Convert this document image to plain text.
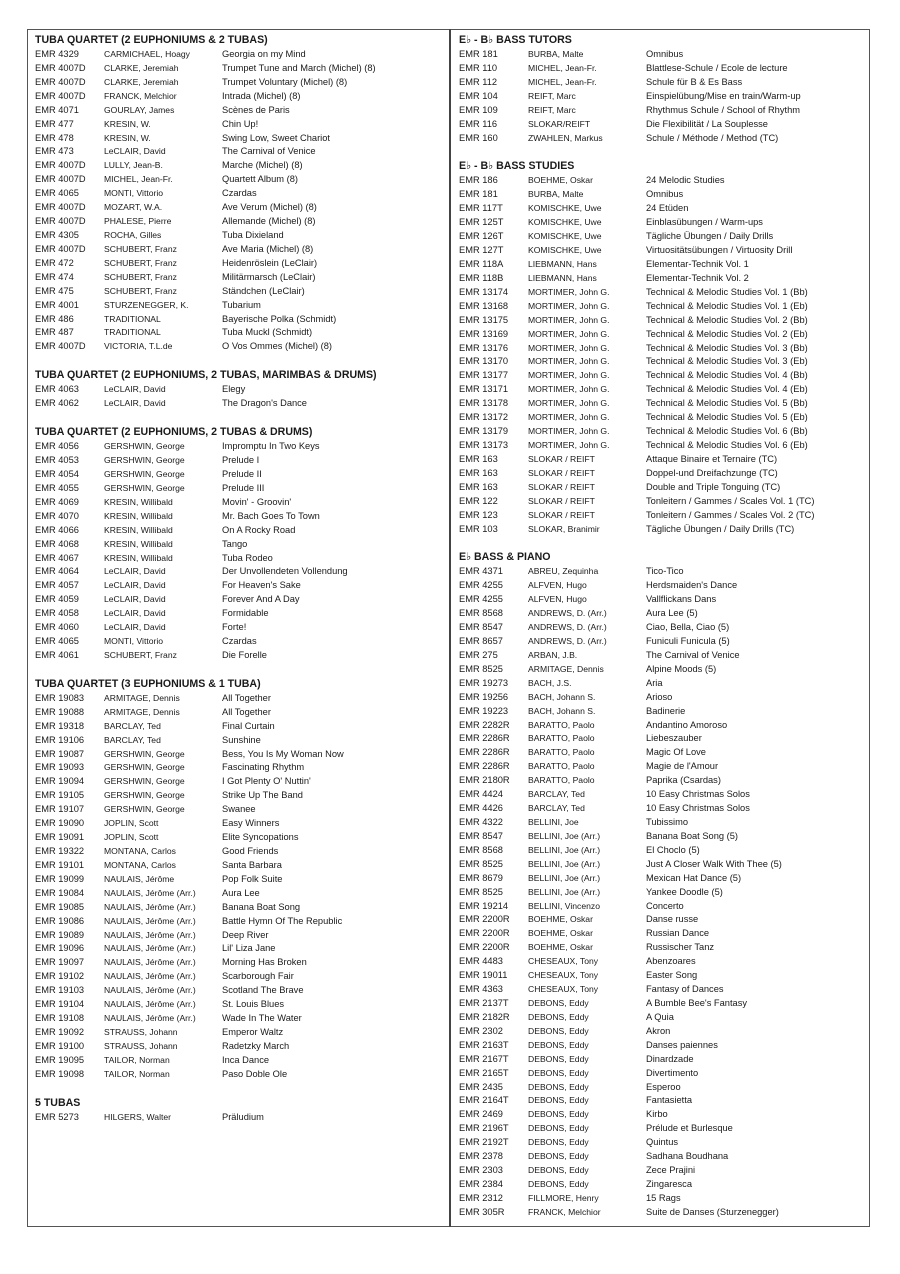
TUBA QUARTET (2 EUPHONIUMS & 2 TUBAS)
EMR 4329	CARMICHAEL, Hoagy	Georgia on my Mind
EMR 4007D CLARKE, Jeremiah	Trumpet Tune and March (Michel) (8)
EMR 4007D CLARKE, Jeremiah	Trumpet Voluntary (Michel) (8)
EMR 4007D FRANCK, Melchior	Intrada (Michel) (8)
EMR 4071	GOURLAY, James	Scènes de Paris
EMR 477	KRESIN, W.	Chin Up!
EMR 478	KRESIN, W.	Swing Low, Sweet Chariot
EMR 473	LeCLAIR, David	The Carnival of Venice
EMR 4007D LULLY, Jean-B.	Marche (Michel) (8)
EMR 4007D MICHEL, Jean-Fr.	Quartett Album (8)
EMR 4065	MONTI, Vittorio	Czardas
EMR 4007D MOZART, W.A.	Ave Verum (Michel) (8)
EMR 4007D PHALESE, Pierre	Allemande (Michel) (8)
EMR 4305	ROCHA, Gilles	Tuba Dixieland
EMR 4007D SCHUBERT, Franz	Ave Maria (Michel) (8)
EMR 472	SCHUBERT, Franz	Heidenröslein (LeClair)
EMR 474	SCHUBERT, Franz	Militärmarsch (LeClair)
EMR 475	SCHUBERT, Franz	Ständchen (LeClair)
EMR 4001	STURZENEGGER, K.	Tubarium
EMR 486	TRADITIONAL	Bayerische Polka (Schmidt)
EMR 487	TRADITIONAL	Tuba Muckl (Schmidt)
EMR 4007D VICTORIA, T.L.de	O Vos Ommes (Michel) (8)
TUBA QUARTET (2 EUPHONIUMS, 2 TUBAS, MARIMBAS & DRUMS)
EMR 4063	LeCLAIR, David	Elegy
EMR 4062	LeCLAIR, David	The Dragon's Dance
TUBA QUARTET (2 EUPHONIUMS, 2 TUBAS & DRUMS)
EMR 4056	GERSHWIN, George	Impromptu In Two Keys
EMR 4053	GERSHWIN, George	Prelude I
EMR 4054	GERSHWIN, George	Prelude II
EMR 4055	GERSHWIN, George	Prelude III
EMR 4069	KRESIN, Willibald	Movin' - Groovin'
EMR 4070	KRESIN, Willibald	Mr. Bach Goes To Town
EMR 4066	KRESIN, Willibald	On A Rocky Road
EMR 4068	KRESIN, Willibald	Tango
EMR 4067	KRESIN, Willibald	Tuba Rodeo
EMR 4064	LeCLAIR, David	Der Unvollendeten Vollendung
EMR 4057	LeCLAIR, David	For Heaven's Sake
EMR 4059	LeCLAIR, David	Forever And A Day
EMR 4058	LeCLAIR, David	Formidable
EMR 4060	LeCLAIR, David	Forte!
EMR 4065	MONTI, Vittorio	Czardas
EMR 4061	SCHUBERT, Franz	Die Forelle
TUBA QUARTET (3 EUPHONIUMS & 1 TUBA)
EMR 19083 ARMITAGE, Dennis	All Together
EMR 19088 ARMITAGE, Dennis	All Together
EMR 19318 BARCLAY, Ted	Final Curtain
EMR 19106 BARCLAY, Ted	Sunshine
EMR 19087 GERSHWIN, George	Bess, You Is My Woman Now
EMR 19093 GERSHWIN, George	Fascinating Rhythm
EMR 19094 GERSHWIN, George	I Got Plenty O' Nuttin'
EMR 19105 GERSHWIN, George	Strike Up The Band
EMR 19107 GERSHWIN, George	Swanee
EMR 19090 JOPLIN, Scott	Easy Winners
EMR 19091 JOPLIN, Scott	Elite Syncopations
EMR 19322 MONTANA, Carlos	Good Friends
EMR 19101 MONTANA, Carlos	Santa Barbara
EMR 19099 NAULAIS, Jérôme	Pop Folk Suite
EMR 19084 NAULAIS, Jérôme (Arr.)	Aura Lee
EMR 19085 NAULAIS, Jérôme (Arr.)	Banana Boat Song
EMR 19086 NAULAIS, Jérôme (Arr.)	Battle Hymn Of The Republic
EMR 19089 NAULAIS, Jérôme (Arr.)	Deep River
EMR 19096 NAULAIS, Jérôme (Arr.)	Lil' Liza Jane
EMR 19097 NAULAIS, Jérôme (Arr.)	Morning Has Broken
EMR 19102 NAULAIS, Jérôme (Arr.)	Scarborough Fair
EMR 19103 NAULAIS, Jérôme (Arr.)	Scotland The Brave
EMR 19104 NAULAIS, Jérôme (Arr.)	St. Louis Blues
EMR 19108 NAULAIS, Jérôme (Arr.)	Wade In The Water
EMR 19092 STRAUSS, Johann	Emperor Waltz
EMR 19100 STRAUSS, Johann	Radetzky March
EMR 19095 TAILOR, Norman	Inca Dance
EMR 19098 TAILOR, Norman	Paso Doble Ole
5 TUBAS
EMR 5273	HILGERS, Walter	Präludium
E♭ - B♭ BASS TUTORS
EMR 181	BURBA, Malte	Omnibus
EMR 110	MICHEL, Jean-Fr.	Blattlese-Schule / Ecole de lecture
EMR 112	MICHEL, Jean-Fr.	Schule für B & Es Bass
EMR 104	REIFT, Marc	Einspielübung/Mise en train/Warm-up
EMR 109	REIFT, Marc	Rhythmus Schule / School of Rhythm
EMR 116	SLOKAR/REIFT	Die Flexibilität / La Souplesse
EMR 160	ZWAHLEN, Markus	Schule / Méthode / Method (TC)
E♭ - B♭ BASS STUDIES
EMR 186	BOEHME, Oskar	24 Melodic Studies
EMR 181	BURBA, Malte	Omnibus
EMR 117T	KOMISCHKE, Uwe	24 Etüden
EMR 125T	KOMISCHKE, Uwe	Einblasübungen / Warm-ups
EMR 126T	KOMISCHKE, Uwe	Tägliche Übungen / Daily Drills
EMR 127T	KOMISCHKE, Uwe	Virtuositätsübungen / Virtuosity Drill
EMR 118A	LIEBMANN, Hans	Elementar-Technik Vol. 1
EMR 118B	LIEBMANN, Hans	Elementar-Technik Vol. 2
EMR 13174 MORTIMER, John G.	Technical & Melodic Studies Vol. 1 (Bb)
EMR 13168 MORTIMER, John G.	Technical & Melodic Studies Vol. 1 (Eb)
EMR 13175 MORTIMER, John G.	Technical & Melodic Studies Vol. 2 (Bb)
EMR 13169 MORTIMER, John G.	Technical & Melodic Studies Vol. 2 (Eb)
EMR 13176 MORTIMER, John G.	Technical & Melodic Studies Vol. 3 (Bb)
EMR 13170 MORTIMER, John G.	Technical & Melodic Studies Vol. 3 (Eb)
EMR 13177 MORTIMER, John G.	Technical & Melodic Studies Vol. 4 (Bb)
EMR 13171 MORTIMER, John G.	Technical & Melodic Studies Vol. 4 (Eb)
EMR 13178 MORTIMER, John G.	Technical & Melodic Studies Vol. 5 (Bb)
EMR 13172 MORTIMER, John G.	Technical & Melodic Studies Vol. 5 (Eb)
EMR 13179 MORTIMER, John G.	Technical & Melodic Studies Vol. 6 (Bb)
EMR 13173 MORTIMER, John G.	Technical & Melodic Studies Vol. 6 (Eb)
EMR 163	SLOKAR / REIFT	Attaque Binaire et Ternaire (TC)
EMR 163	SLOKAR / REIFT	Doppel-und Dreifachzunge (TC)
EMR 163	SLOKAR / REIFT	Double and Triple Tonguing (TC)
EMR 122	SLOKAR / REIFT	Tonleitern / Gammes / Scales Vol. 1 (TC)
EMR 123	SLOKAR / REIFT	Tonleitern / Gammes / Scales Vol. 2 (TC)
EMR 103	SLOKAR, Branimir	Tägliche Übungen / Daily Drills (TC)
E♭ BASS & PIANO
EMR 4371	ABREU, Zequinha	Tico-Tico
EMR 4255	ALFVEN, Hugo	Herdsmaiden's Dance
EMR 4255	ALFVEN, Hugo	Vallflickans Dans
EMR 8568	ANDREWS, D. (Arr.)	Aura Lee (5)
EMR 8547	ANDREWS, D. (Arr.)	Ciao, Bella, Ciao (5)
EMR 8657	ANDREWS, D. (Arr.)	Funiculi Funicula (5)
EMR 275	ARBAN, J.B.	The Carnival of Venice
EMR 8525	ARMITAGE, Dennis	Alpine Moods (5)
EMR 19273 BACH, J.S.	Aria
EMR 19256 BACH, Johann S.	Arioso
EMR 19223 BACH, Johann S.	Badinerie
EMR 2282R BARATTO, Paolo	Andantino Amoroso
EMR 2286R BARATTO, Paolo	Liebeszauber
EMR 2286R BARATTO, Paolo	Magic Of Love
EMR 2286R BARATTO, Paolo	Magie de l'Amour
EMR 2180R BARATTO, Paolo	Paprika (Csardas)
EMR 4424	BARCLAY, Ted	10 Easy Christmas Solos
EMR 4426	BARCLAY, Ted	10 Easy Christmas Solos
EMR 4322	BELLINI, Joe	Tubissimo
EMR 8547	BELLINI, Joe (Arr.)	Banana Boat Song (5)
EMR 8568	BELLINI, Joe (Arr.)	El Choclo (5)
EMR 8525	BELLINI, Joe (Arr.)	Just A Closer Walk With Thee (5)
EMR 8679	BELLINI, Joe (Arr.)	Mexican Hat Dance (5)
EMR 8525	BELLINI, Joe (Arr.)	Yankee Doodle (5)
EMR 19214 BELLINI, Vincenzo	Concerto
EMR 2200R BOEHME, Oskar	Danse russe
EMR 2200R BOEHME, Oskar	Russian Dance
EMR 2200R BOEHME, Oskar	Russischer Tanz
EMR 4483	CHESEAUX, Tony	Abenzoares
EMR 19011 CHESEAUX, Tony	Easter Song
EMR 4363	CHESEAUX, Tony	Fantasy of Dances
EMR 2137T DEBONS, Eddy	A Bumble Bee's Fantasy
EMR 2182R DEBONS, Eddy	A Quia
EMR 2302	DEBONS, Eddy	Akron
EMR 2163T DEBONS, Eddy	Danses paiennes
EMR 2167T DEBONS, Eddy	Dinardzade
EMR 2165T DEBONS, Eddy	Divertimento
EMR 2435	DEBONS, Eddy	Esperoo
EMR 2164T DEBONS, Eddy	Fantasietta
EMR 2469	DEBONS, Eddy	Kirbo
EMR 2196T DEBONS, Eddy	Prélude et Burlesque
EMR 2192T DEBONS, Eddy	Quintus
EMR 2378	DEBONS, Eddy	Sadhana Boudhana
EMR 2303	DEBONS, Eddy	Zece Prajini
EMR 2384	DEBONS, Eddy	Zingaresca
EMR 2312	FILLMORE, Henry	15 Rags
EMR 305R	FRANCK, Melchior	Suite de Danses (Sturzenegger)
